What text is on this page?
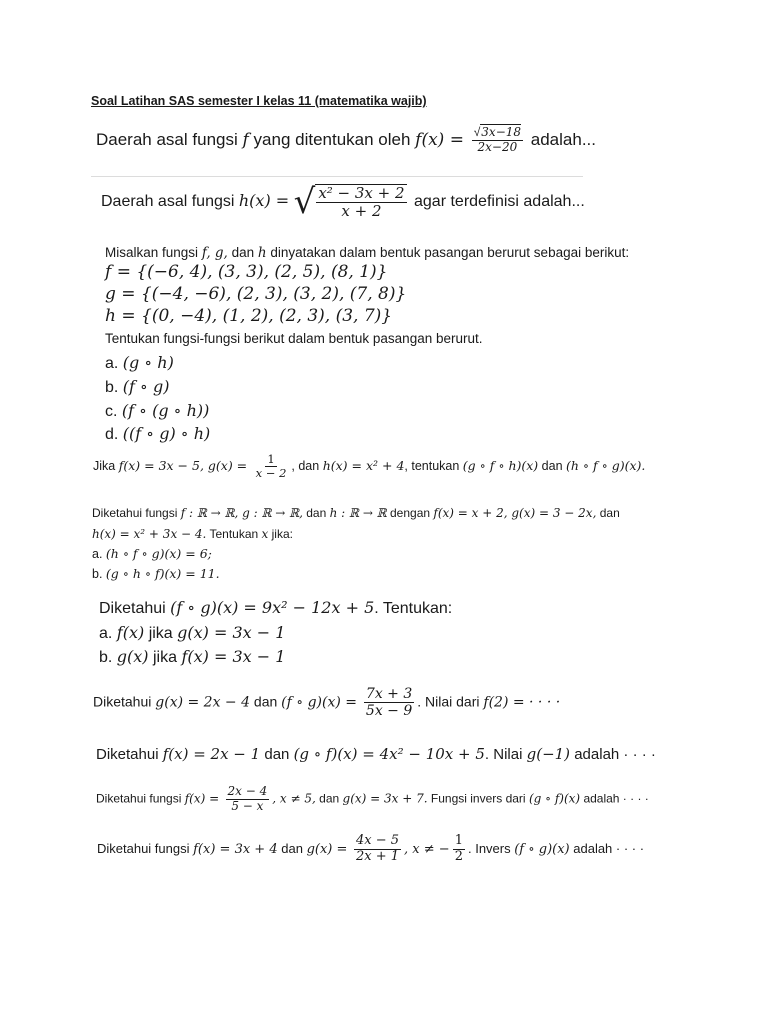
Soal Latihan SAS semester I kelas 11 (matematika wajib)
Daerah asal fungsi f yang ditentukan oleh $f(x) = \frac{√3x-18}{2x-20}$ adalah...
Daerah asal fungsi h(x) = √ $\frac{\text{x² − 3x + 2}}{x + 2}$ agar terdefinisi adalah...
Misalkan fungsi f, g, dan h dinyatakan dalam bentuk pasangan berurut sebagai berikut:
f = {(−6, 4), (3, 3), (2, 5), (8, 1)}
g = {(−4, −6), (2, 3), (3, 2), (7, 8)}
h = {(0, −4), (1, 2), (2, 3), (3, 7)}
Tentukan fungsi-fungsi berikut dalam bentuk pasangan berurut.
a. (g ∘ h)
b. (f ∘ g)
c. (f ∘ (g ∘ h))
d. ((f ∘ g) ∘ h)
Jika f(x) = 3x − 5, $g(x) = \frac{1}{x - 2}$ , dan h(x) = x² + 4, tentukan (g ∘ f ∘ h)(x) dan (h ∘ f ∘ g)(x).
Diketahui fungsi f : ℝ → ℝ, g : ℝ → ℝ, dan h : ℝ → ℝ dengan f(x) = x + 2, g(x) = 3 − 2x, dan
h(x) = x² + 3x − 4. Tentukan x jika:
a. (h ∘ f ∘ g)(x) = 6;
b. (g ∘ h ∘ f)(x) = 11.
Diketahui (f ∘ g)(x) = 9x² − 12x + 5. Tentukan:
a. f(x) jika g(x) = 3x − 1
b. g(x) jika f(x) = 3x − 1
Diketahui g(x) = 2x − 4 dan (f ∘ $g)(x) = \frac{7x + 3}{5x - 9}$ . Nilai dari f(2) = · · · ·
Diketahui f(x) = 2x − 1 dan (g ∘ f)(x) = 4x² − 10x + 5. Nilai g(−1) adalah · · · ·
Diketahui fungsi $f(x) = \frac{2x - 4}{5 - x}$ , x ≠ 5, dan g(x) = 3x + 7. Fungsi invers dari (g ∘ f)(x) adalah · · · ·
Diketahui fungsi f(x) = 3x + 4 dan $g(x) = \frac{4x - 5}{2x + 1}$ , x ≠ − $\frac{1}{2}$ . Invers (f ∘ g)(x) adalah · · · ·
